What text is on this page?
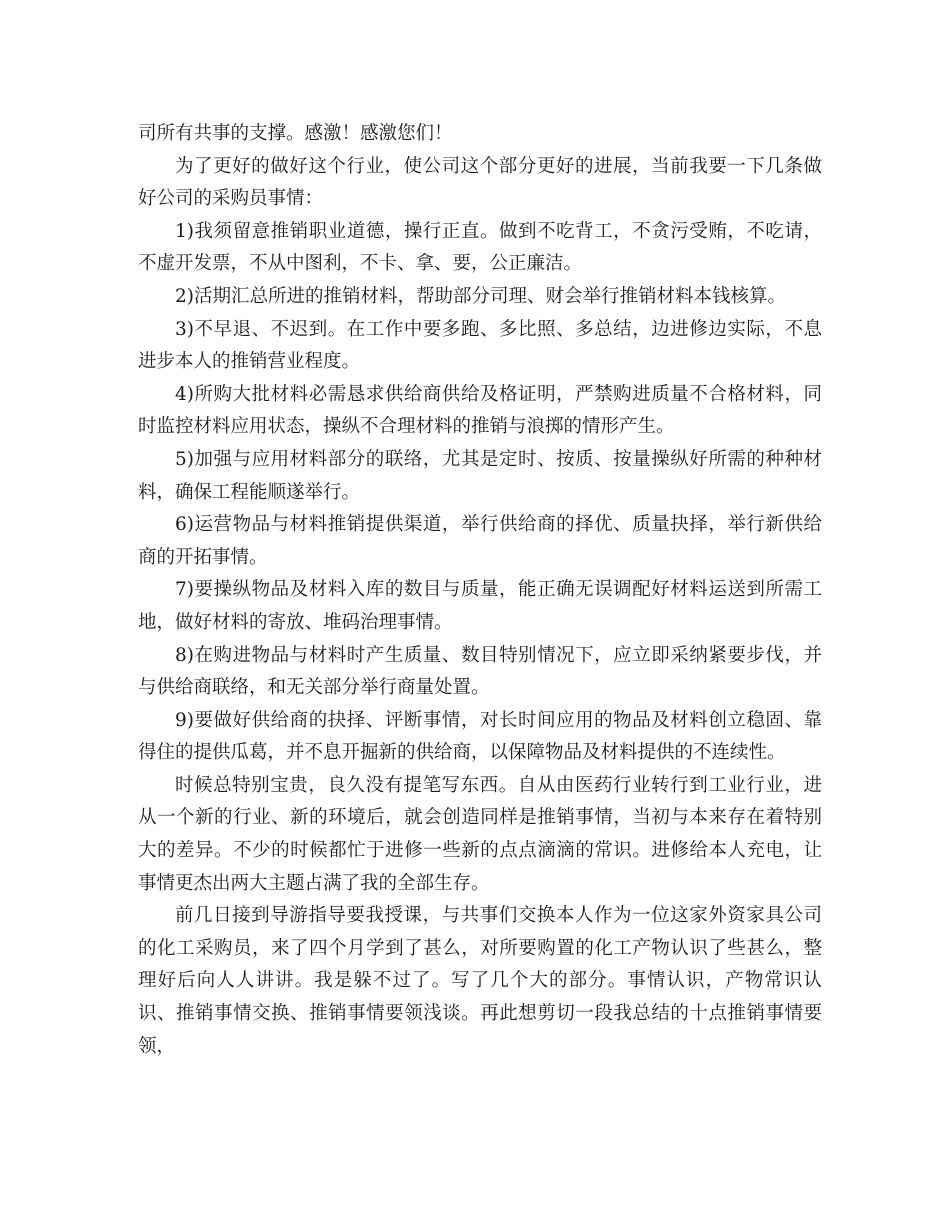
司所有共事的支撑。感激！感激您们！

为了更好的做好这个行业，使公司这个部分更好的进展，当前我要一下几条做好公司的采购员事情：

1)我须留意推销职业道德，操行正直。做到不吃背工，不贪污受贿，不吃请，不虚开发票，不从中图利，不卡、拿、要，公正廉洁。

2)活期汇总所进的推销材料，帮助部分司理、财会举行推销材料本钱核算。

3)不早退、不迟到。在工作中要多跑、多比照、多总结，边进修边实际，不息进步本人的推销营业程度。

4)所购大批材料必需恳求供给商供给及格证明，严禁购进质量不合格材料，同时监控材料应用状态，操纵不合理材料的推销与浪掷的情形产生。

5)加强与应用材料部分的联络，尤其是定时、按质、按量操纵好所需的种种材料，确保工程能顺遂举行。

6)运营物品与材料推销提供渠道，举行供给商的择优、质量抉择，举行新供给商的开拓事情。

7)要操纵物品及材料入库的数目与质量，能正确无误调配好材料运送到所需工地，做好材料的寄放、堆码治理事情。

8)在购进物品与材料时产生质量、数目特别情况下，应立即采纳紧要步伐，并与供给商联络，和无关部分举行商量处置。

9)要做好供给商的抉择、评断事情，对长时间应用的物品及材料创立稳固、靠得住的提供瓜葛，并不息开掘新的供给商，以保障物品及材料提供的不连续性。

时候总特别宝贵，良久没有提笔写东西。自从由医药行业转行到工业行业，进从一个新的行业、新的环境后，就会创造同样是推销事情，当初与本来存在着特别大的差异。不少的时候都忙于进修一些新的点点滴滴的常识。进修给本人充电，让事情更杰出两大主题占满了我的全部生存。

前几日接到导游指导要我授课，与共事们交换本人作为一位这家外资家具公司的化工采购员，来了四个月学到了甚么，对所要购置的化工产物认识了些甚么，整理好后向人人讲讲。我是躲不过了。写了几个大的部分。事情认识，产物常识认识、推销事情交换、推销事情要领浅谈。再此想剪切一段我总结的十点推销事情要领，
